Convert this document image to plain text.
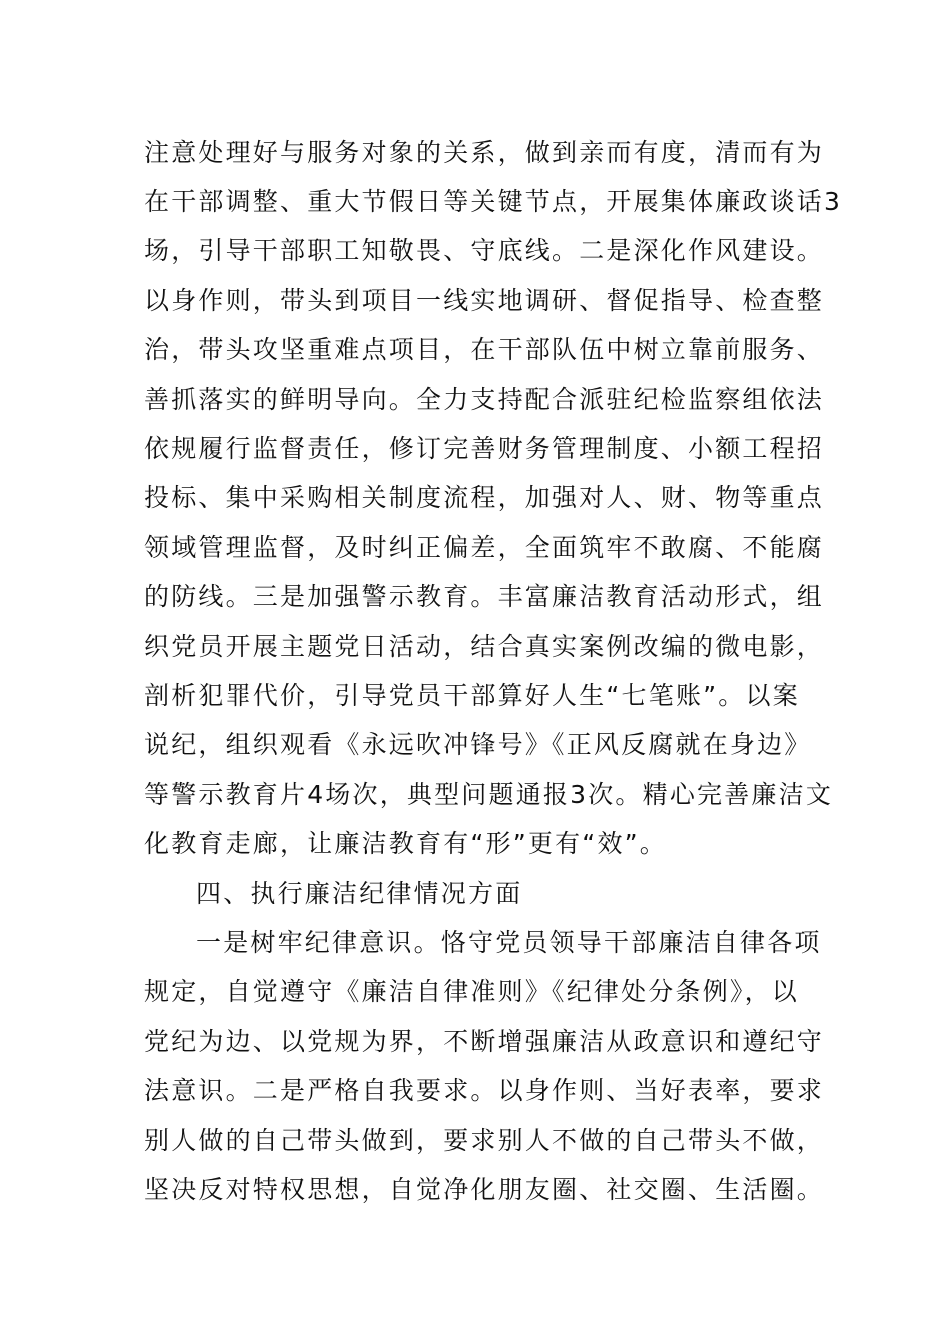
注意处理好与服务对象的关系，做到亲而有度，清而有为
在干部调整、重大节假日等关键节点，开展集体廉政谈话3
场，引导干部职工知敬畏、守底线。二是深化作风建设。
以身作则，带头到项目一线实地调研、督促指导、检查整
治，带头攻坚重难点项目，在干部队伍中树立靠前服务、
善抓落实的鲜明导向。全力支持配合派驻纪检监察组依法
依规履行监督责任，修订完善财务管理制度、小额工程招
投标、集中采购相关制度流程，加强对人、财、物等重点
领域管理监督，及时纠正偏差，全面筑牢不敢腐、不能腐
的防线。三是加强警示教育。丰富廉洁教育活动形式，组
织党员开展主题党日活动，结合真实案例改编的微电影，
剖析犯罪代价，引导党员干部算好人生“七笔账”。以案
说纪，组织观看《永远吹冲锋号》《正风反腐就在身边》
等警示教育片4场次，典型问题通报3次。精心完善廉洁文
化教育走廊，让廉洁教育有“形”更有“效”。
四、执行廉洁纪律情况方面
一是树牢纪律意识。恪守党员领导干部廉洁自律各项
规定，自觉遵守《廉洁自律准则》《纪律处分条例》，以
党纪为边、以党规为界，不断增强廉洁从政意识和遵纪守
法意识。二是严格自我要求。以身作则、当好表率，要求
别人做的自己带头做到，要求别人不做的自己带头不做，
坚决反对特权思想，自觉净化朋友圈、社交圈、生活圈。
